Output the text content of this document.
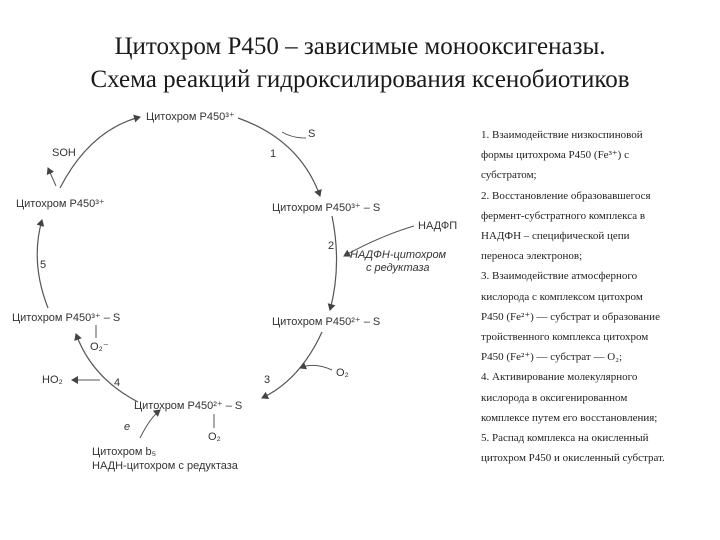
Цитохром Р450 – зависимые монооксигеназы.
Схема реакций гидроксилирования ксенобиотиков
Цитохром Р450³⁺
S
1
Цитохром Р450³⁺ – S
НАДФП
2
НАДФН-цитохром
с редуктаза
Цитохром Р450²⁺ – S
O₂
3
Цитохром Р450²⁺ – S
O₂
4
e
Цитохром b₅
НАДН-цитохром с редуктаза
HO₂
Цитохром Р450³⁺ – S
O₂⁻
5
Цитохром Р450³⁺
SOH

1. Взаимодействие низкоспиновой
формы цитохрома Р450 (Fe³⁺) с
субстратом;

2. Восстановление образовавшегося
фермент-субстратного комплекса в
НАДФН – специфической цепи
переноса электронов;

3. Взаимодействие атмосферного
кислорода с комплексом цитохром
Р450 (Fe²⁺) — субстрат и образование
тройственного комплекса цитохром
Р450 (Fe²⁺) — субстрат — O₂;

4. Активирование молекулярного
кислорода в оксигенированном
комплексе путем его восстановления;

5. Распад комплекса на окисленный
цитохром Р450 и окисленный субстрат.
